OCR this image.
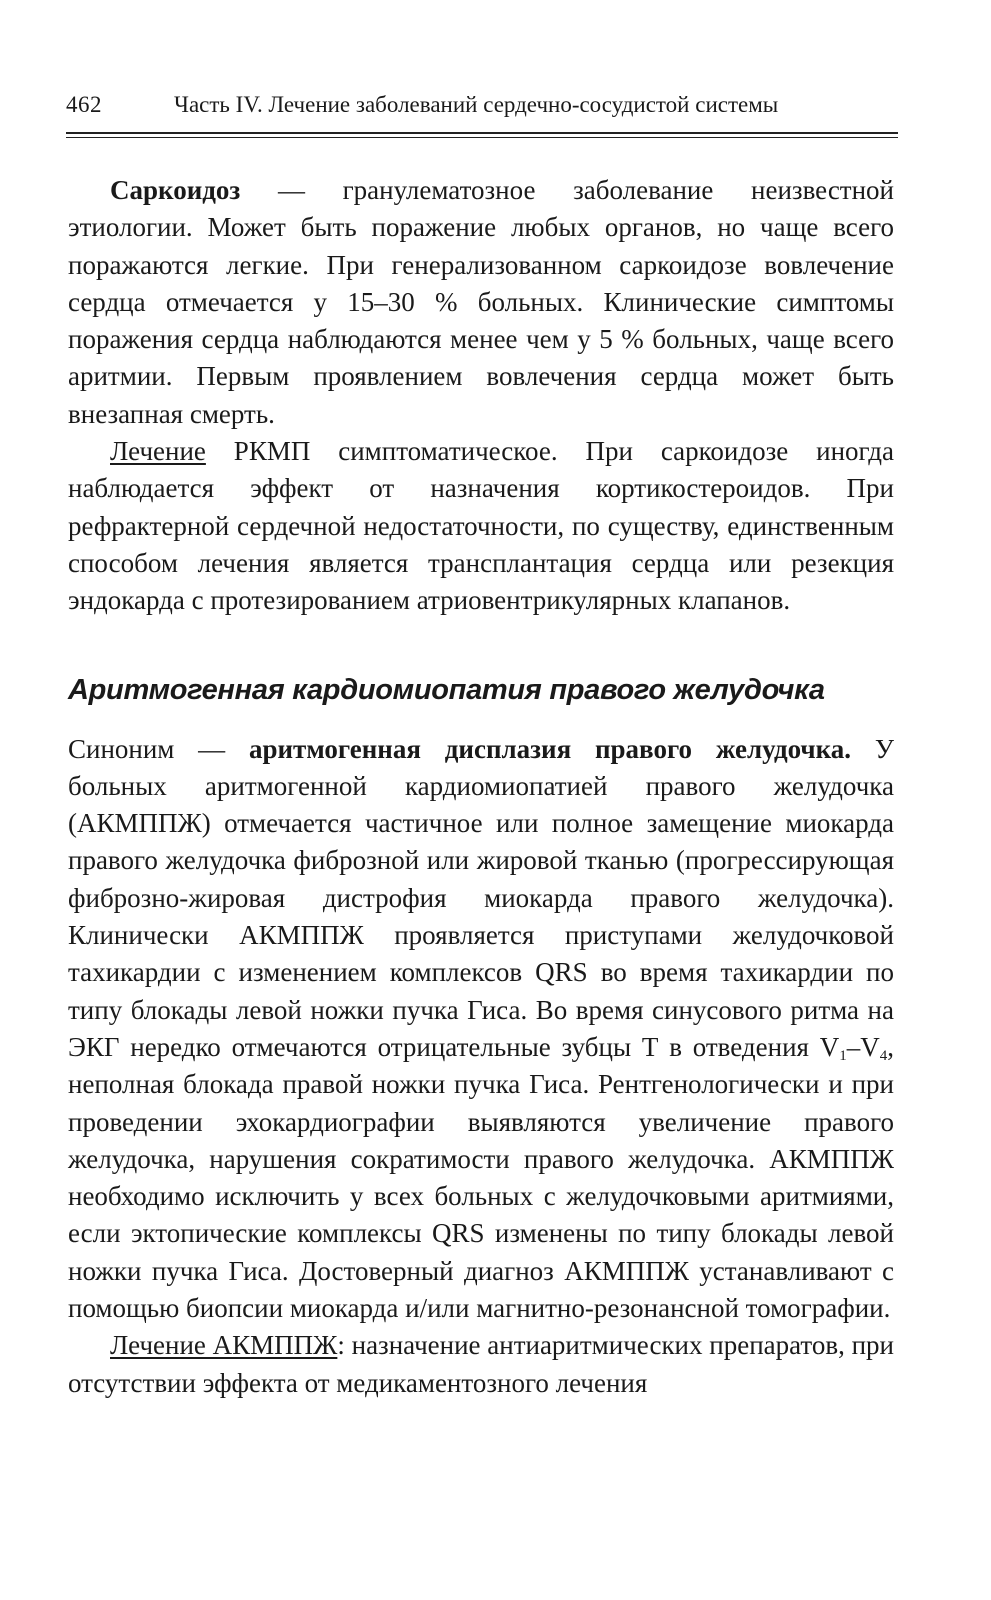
462	Часть IV. Лечение заболеваний сердечно-сосудистой системы

Саркоидоз — гранулематозное заболевание неизвестной этиологии. Может быть поражение любых органов, но чаще всего поражаются легкие. При генерализованном саркоидозе вовлечение сердца отмечается у 15–30 % больных. Клинические симптомы поражения сердца наблюдаются менее чем у 5 % больных, чаще всего аритмии. Первым проявлением вовлечения сердца может быть внезапная смерть.

Лечение РКМП симптоматическое. При саркоидозе иногда наблюдается эффект от назначения кортикостероидов. При рефрактерной сердечной недостаточности, по существу, единственным способом лечения является трансплантация сердца или резекция эндокарда с протезированием атриовентрикулярных клапанов.

Аритмогенная кардиомиопатия правого желудочка

Синоним — аритмогенная дисплазия правого желудочка. У больных аритмогенной кардиомиопатией правого желудочка (АКМППЖ) отмечается частичное или полное замещение миокарда правого желудочка фиброзной или жировой тканью (прогрессирующая фиброзно-жировая дистрофия миокарда правого желудочка). Клинически АКМППЖ проявляется приступами желудочковой тахикардии с изменением комплексов QRS во время тахикардии по типу блокады левой ножки пучка Гиса. Во время синусового ритма на ЭКГ нередко отмечаются отрицательные зубцы Т в отведения $V_1-V_4$, неполная блокада правой ножки пучка Гиса. Рентгенологически и при проведении эхокардиографии выявляются увеличение правого желудочка, нарушения сократимости правого желудочка. АКМППЖ необходимо исключить у всех больных с желудочковыми аритмиями, если эктопические комплексы QRS изменены по типу блокады левой ножки пучка Гиса. Достоверный диагноз АКМППЖ устанавливают с помощью биопсии миокарда и/или магнитно-резонансной томографии.

Лечение АКМППЖ: назначение антиаритмических препаратов, при отсутствии эффекта от медикаментозного лечения
